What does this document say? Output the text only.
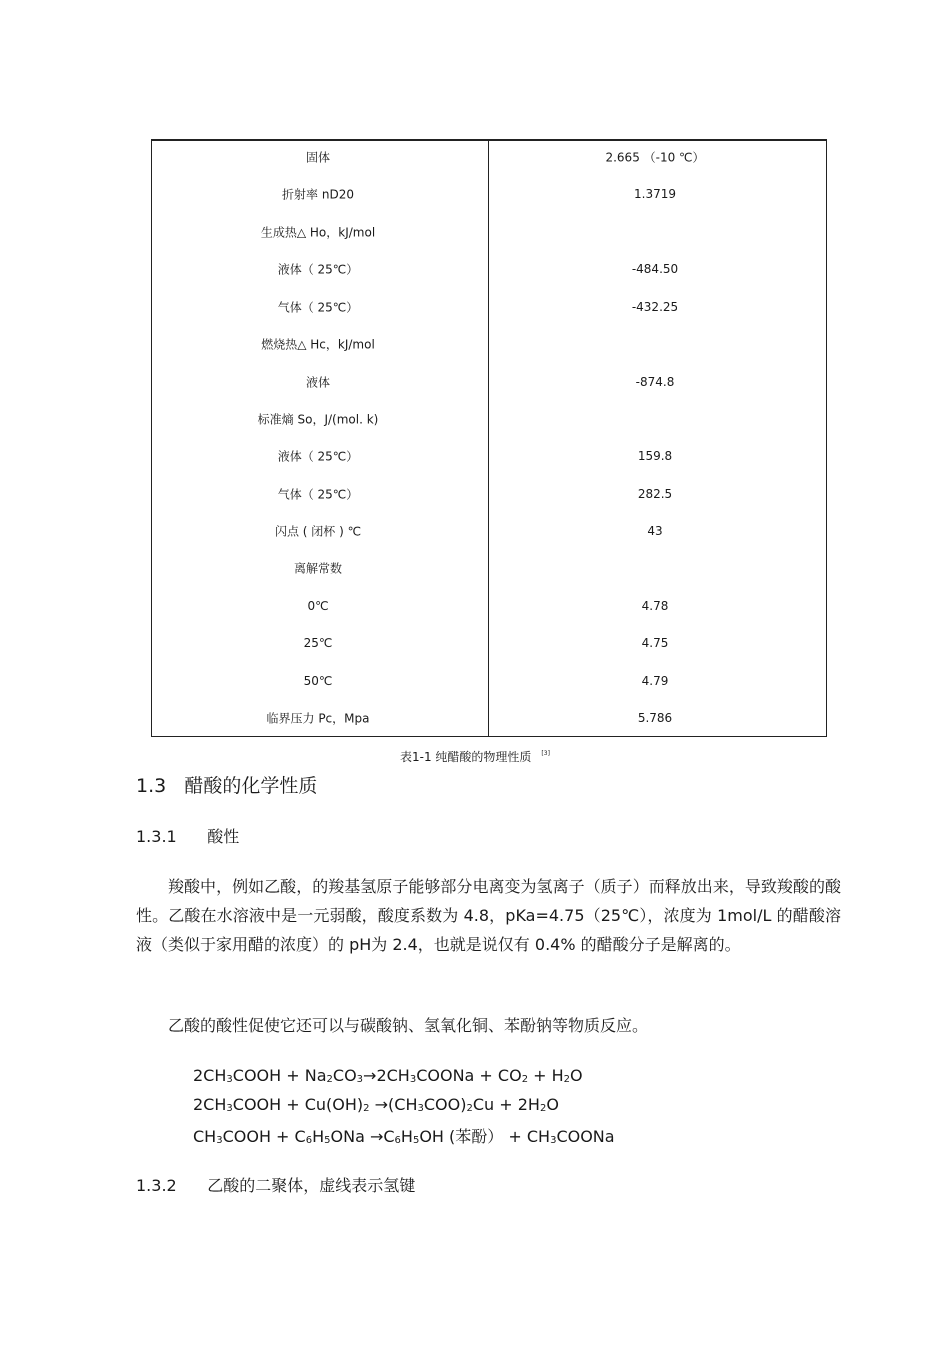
固体	2.665 （-10 ℃）
折射率 nD20	1.3719
生成热△ Ho，kJ/mol
液体（ 25℃）	-484.50
气体（ 25℃）	-432.25
燃烧热△ Hc，kJ/mol
液体	-874.8
标准熵 So，J/(mol. k)
液体（ 25℃）	159.8
气体（ 25℃）	282.5
闪点 ( 闭杯 ) ℃	43
离解常数
0℃	4.78
25℃	4.75
50℃	4.79
临界压力 Pc，Mpa	5.786
表1-1 纯醋酸的物理性质 [3]
1.3 醋酸的化学性质
1.3.1 酸性

羧酸中，例如乙酸，的羧基氢原子能够部分电离变为氢离子（质子）而释放出来，导致羧酸的酸性。乙酸在水溶液中是一元弱酸，酸度系数为 4.8，pKa=4.75（25℃），浓度为 1mol/L 的醋酸溶液（类似于家用醋的浓度）的 pH为 2.4，也就是说仅有 0.4% 的醋酸分子是解离的。

乙酸的酸性促使它还可以与碳酸钠、氢氧化铜、苯酚钠等物质反应。

$2CH_3COOH$ + $Na_2CO_3\to 2CH_3COONa + CO_2 + H_2O$
$2CH_3COOH + Cu(OH)_2 \to(CH_3COO)_2Cu + 2H_2O$
$CH_3COOH + C_6H_5ONa \to C_6H_5OH$ (苯酚） + $CH_3COONa$
1.3.2 乙酸的二聚体，虚线表示氢键
